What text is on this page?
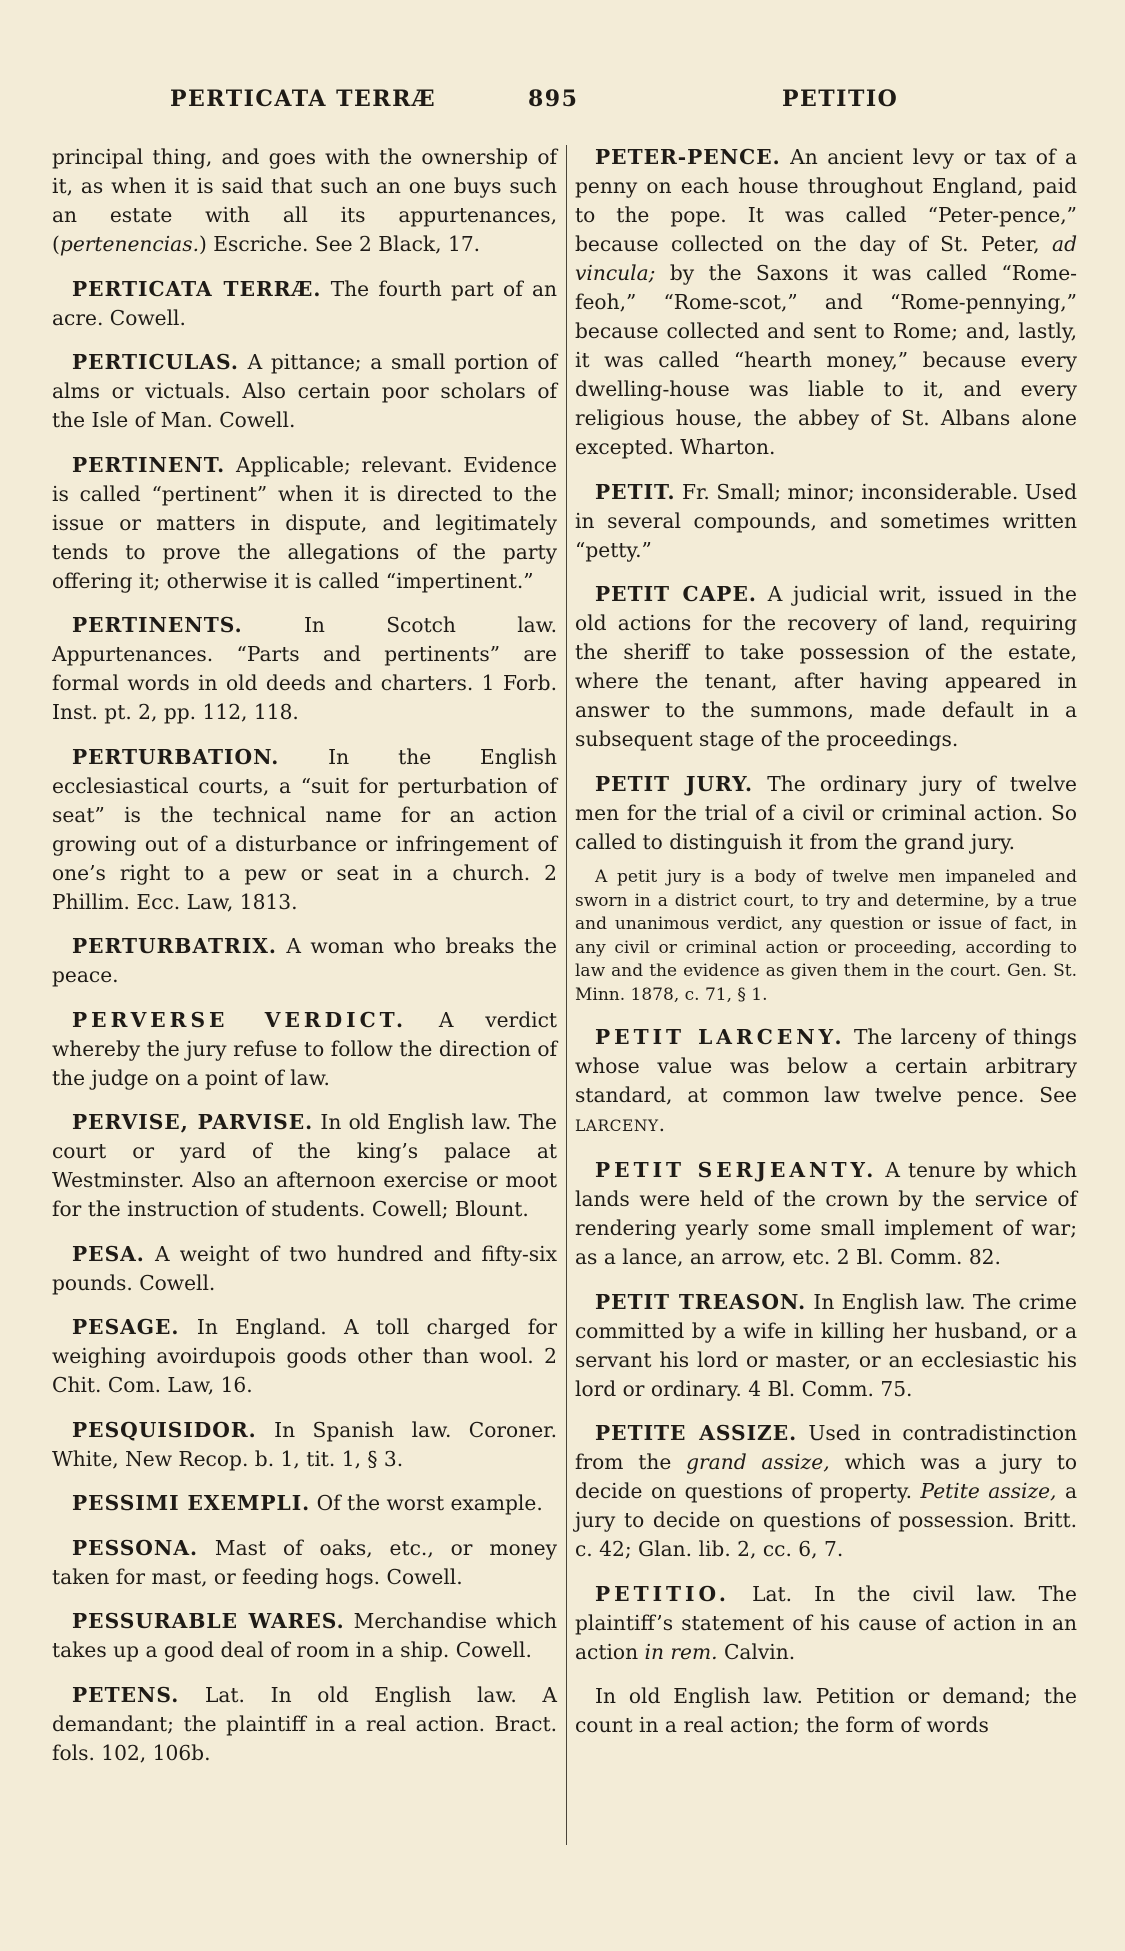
PERTICATA TERRÆ	895	PETITIO

principal thing, and goes with the ownership of it, as when it is said that such an one buys such an estate with all its appurtenances, (pertenencias.) Escriche. See 2 Black, 17.

PERTICATA TERRÆ. The fourth part of an acre. Cowell.

PERTICULAS. A pittance; a small portion of alms or victuals. Also certain poor scholars of the Isle of Man. Cowell.

PERTINENT. Applicable; relevant. Evidence is called “pertinent” when it is directed to the issue or matters in dispute, and legitimately tends to prove the allegations of the party offering it; otherwise it is called “impertinent.”

PERTINENTS. In Scotch law. Appurtenances. “Parts and pertinents” are formal words in old deeds and charters. 1 Forb. Inst. pt. 2, pp. 112, 118.

PERTURBATION. In the English ecclesiastical courts, a “suit for perturbation of seat” is the technical name for an action growing out of a disturbance or infringement of one’s right to a pew or seat in a church. 2 Phillim. Ecc. Law, 1813.

PERTURBATRIX. A woman who breaks the peace.

PERVERSE VERDICT. A verdict whereby the jury refuse to follow the direction of the judge on a point of law.

PERVISE, PARVISE. In old English law. The court or yard of the king’s palace at Westminster. Also an afternoon exercise or moot for the instruction of students. Cowell; Blount.

PESA. A weight of two hundred and fifty-six pounds. Cowell.

PESAGE. In England. A toll charged for weighing avoirdupois goods other than wool. 2 Chit. Com. Law, 16.

PESQUISIDOR. In Spanish law. Coroner. White, New Recop. b. 1, tit. 1, § 3.

PESSIMI EXEMPLI. Of the worst example.

PESSONA. Mast of oaks, etc., or money taken for mast, or feeding hogs. Cowell.

PESSURABLE WARES. Merchandise which takes up a good deal of room in a ship. Cowell.

PETENS. Lat. In old English law. A demandant; the plaintiff in a real action. Bract. fols. 102, 106b.

PETER-PENCE. An ancient levy or tax of a penny on each house throughout England, paid to the pope. It was called “Peter-pence,” because collected on the day of St. Peter, ad vincula; by the Saxons it was called “Rome-feoh,” “Rome-scot,” and “Rome-pennying,” because collected and sent to Rome; and, lastly, it was called “hearth money,” because every dwelling-house was liable to it, and every religious house, the abbey of St. Albans alone excepted. Wharton.

PETIT. Fr. Small; minor; inconsiderable. Used in several compounds, and sometimes written “petty.”

PETIT CAPE. A judicial writ, issued in the old actions for the recovery of land, requiring the sheriff to take possession of the estate, where the tenant, after having appeared in answer to the summons, made default in a subsequent stage of the proceedings.

PETIT JURY. The ordinary jury of twelve men for the trial of a civil or criminal action. So called to distinguish it from the grand jury.

A petit jury is a body of twelve men impaneled and sworn in a district court, to try and determine, by a true and unanimous verdict, any question or issue of fact, in any civil or criminal action or proceeding, according to law and the evidence as given them in the court. Gen. St. Minn. 1878, c. 71, § 1.

PETIT LARCENY. The larceny of things whose value was below a certain arbitrary standard, at common law twelve pence. See LARCENY.

PETIT SERJEANTY. A tenure by which lands were held of the crown by the service of rendering yearly some small implement of war; as a lance, an arrow, etc. 2 Bl. Comm. 82.

PETIT TREASON. In English law. The crime committed by a wife in killing her husband, or a servant his lord or master, or an ecclesiastic his lord or ordinary. 4 Bl. Comm. 75.

PETITE ASSIZE. Used in contradistinction from the grand assize, which was a jury to decide on questions of property. Petite assize, a jury to decide on questions of possession. Britt. c. 42; Glan. lib. 2, cc. 6, 7.

PETITIO. Lat. In the civil law. The plaintiff’s statement of his cause of action in an action in rem. Calvin.

In old English law. Petition or demand; the count in a real action; the form of words
